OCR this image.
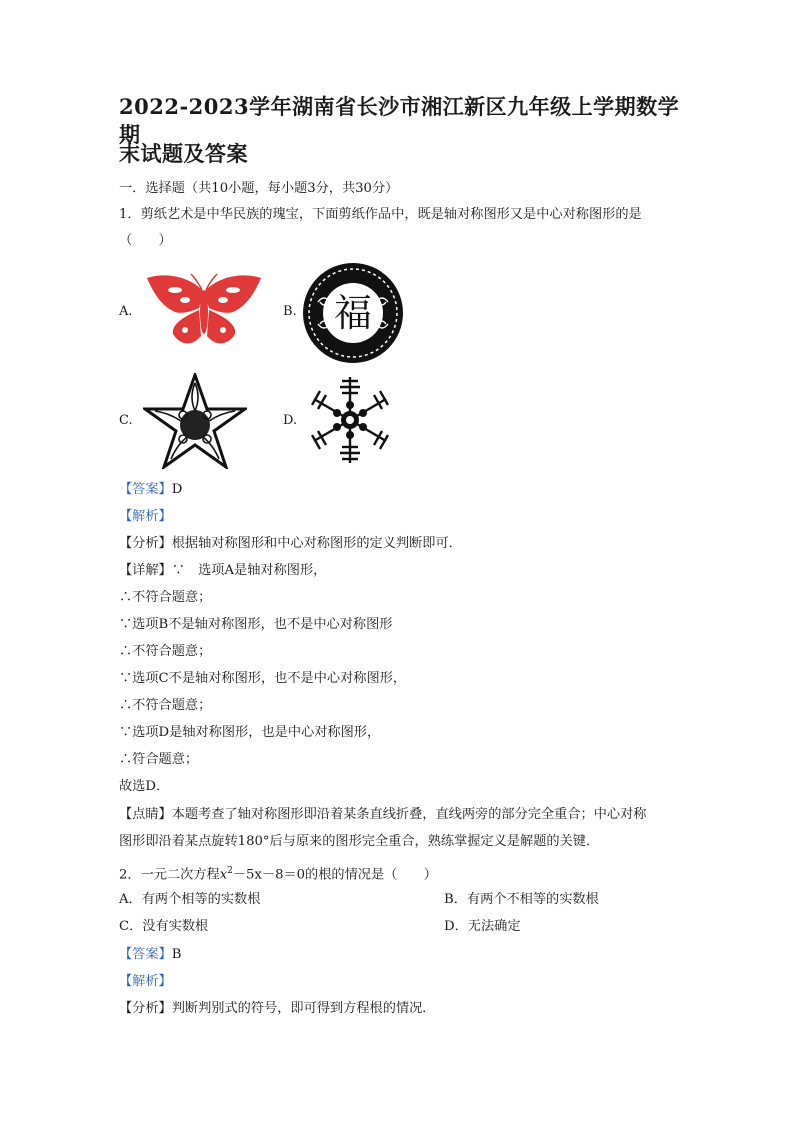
2022-2023学年湖南省长沙市湘江新区九年级上学期数学期
末试题及答案
一．选择题（共10小题，每小题3分，共30分）
1．剪纸艺术是中华民族的瑰宝，下面剪纸作品中，既是轴对称图形又是中心对称图形的是
（　　）
A.	B. 福
C.	D.
【答案】D
【解析】
【分析】根据轴对称图形和中心对称图形的定义判断即可．
【详解】∵　选项A是轴对称图形，
∴不符合题意；
∵选项B不是轴对称图形，也不是中心对称图形
∴不符合题意；
∵选项C不是轴对称图形，也不是中心对称图形，
∴不符合题意；
∵选项D是轴对称图形，也是中心对称图形，
∴符合题意；
故选D．
【点睛】本题考查了轴对称图形即沿着某条直线折叠，直线两旁的部分完全重合；中心对称
图形即沿着某点旋转180°后与原来的图形完全重合，熟练掌握定义是解题的关键．
2．一元二次方程$x^2-5x-8=0$的根的情况是（　　）
A．有两个相等的实数根	B．有两个不相等的实数根
C．没有实数根	D．无法确定
【答案】B
【解析】
【分析】判断判别式的符号，即可得到方程根的情况．
